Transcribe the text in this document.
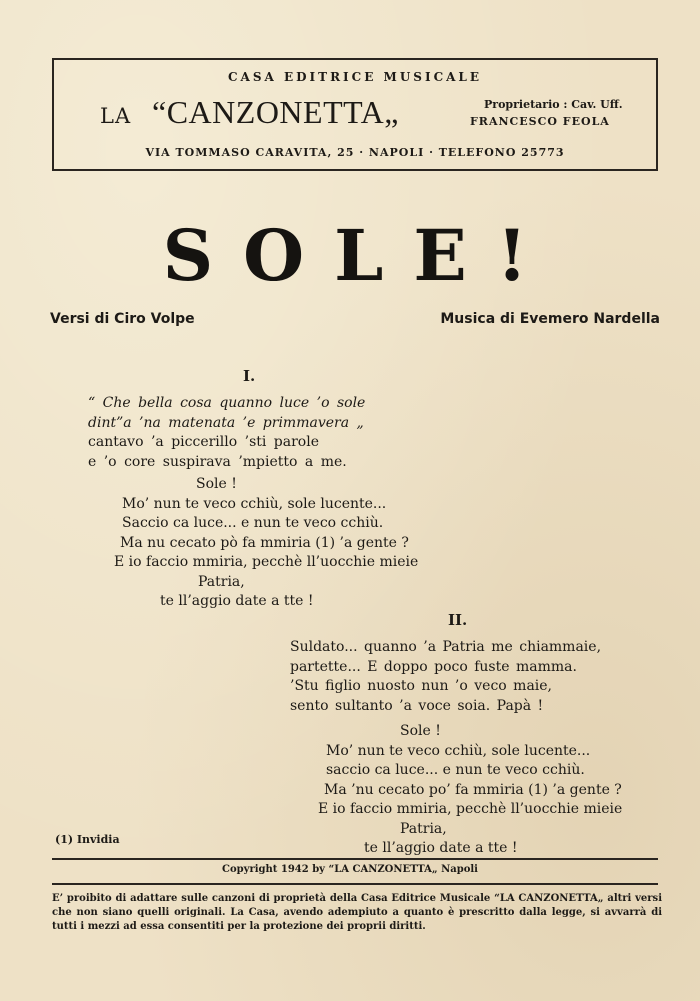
CASA EDITRICE MUSICALE
LA “CANZONETTA„	Proprietario : Cav. Uff.
FRANCESCO FEOLA
VIA TOMMASO CARAVITA, 25 · NAPOLI · TELEFONO 25773
SOLE!
Versi di Ciro Volpe	Musica di Evemero Nardella
I.
“ Che bella cosa quanno luce ’o sole
dint”a ’na matenata ’e primmavera „
cantavo ’a piccerillo ’sti parole
e ’o core suspirava ’mpietto a me.
Sole !
Mo’ nun te veco cchiù, sole lucente...
Saccio ca luce... e nun te veco cchiù.
Ma nu cecato pò fa mmiria (1) ’a gente ?
E io faccio mmiria, pecchè ll’uocchie mieie
Patria,
te ll’aggio date a tte !
II.
Suldato... quanno ’a Patria me chiammaie,
partette... E doppo poco fuste mamma.
’Stu figlio nuosto nun ’o veco maie,
sento sultanto ’a voce soia. Papà !
Sole !
Mo’ nun te veco cchiù, sole lucente...
saccio ca luce... e nun te veco cchiù.
Ma ’nu cecato po’ fa mmiria (1) ’a gente ?
E io faccio mmiria, pecchè ll’uocchie mieie
Patria,
te ll’aggio date a tte !
(1) Invidia
Copyright 1942 by “LA CANZONETTA„ Napoli
E’ proibito di adattare sulle canzoni di proprietà della Casa Editrice Musicale “LA CANZONETTA„ altri versi che non siano quelli originali. La Casa, avendo adempiuto a quanto è prescritto dalla legge, si avvarrà di tutti i mezzi ad essa consentiti per la protezione dei proprii diritti.
